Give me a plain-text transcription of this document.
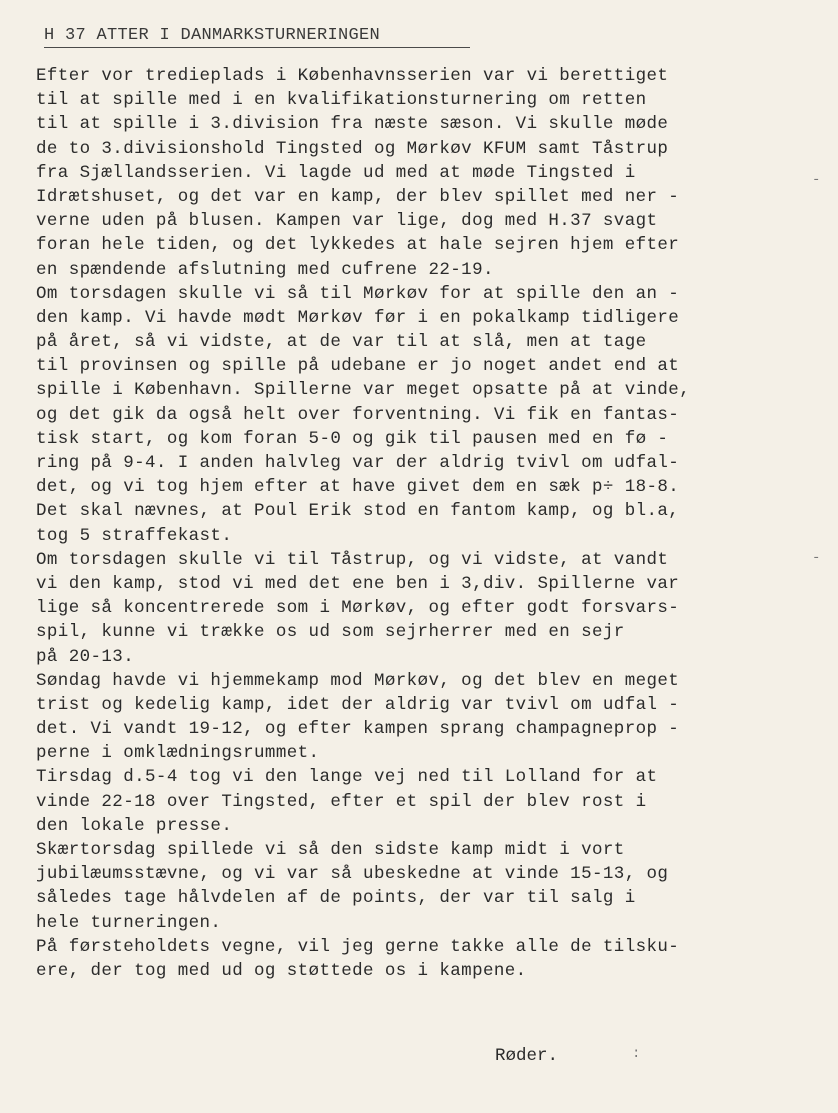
H 37 ATTER I DANMARKSTURNERINGEN
Efter vor tredieplads i Københavnsserien var vi berettiget
til at spille med i en kvalifikationsturnering om retten
til at spille i 3.division fra næste sæson. Vi skulle møde
de to 3.divisionshold Tingsted og Mørkøv KFUM samt Tåstrup
fra Sjællandsserien. Vi lagde ud med at møde Tingsted i
Idrætshuset, og det var en kamp, der blev spillet med ner -
verne uden på blusen. Kampen var lige, dog med H.37 svagt
foran hele tiden, og det lykkedes at hale sejren hjem efter
en spændende afslutning med cufrene 22-19.
Om torsdagen skulle vi så til Mørkøv for at spille den an -
den kamp. Vi havde mødt Mørkøv før i en pokalkamp tidligere
på året, så vi vidste, at de var til at slå, men at tage
til provinsen og spille på udebane er jo noget andet end at
spille i København. Spillerne var meget opsatte på at vinde,
og det gik da også helt over forventning. Vi fik en fantas-
tisk start, og kom foran 5-0 og gik til pausen med en fø -
ring på 9-4. I anden halvleg var der aldrig tvivl om udfal-
det, og vi tog hjem efter at have givet dem en sæk p÷ 18-8.
Det skal nævnes, at Poul Erik stod en fantom kamp, og bl.a,
tog 5 straffekast.
Om torsdagen skulle vi til Tåstrup, og vi vidste, at vandt
vi den kamp, stod vi med det ene ben i 3,div. Spillerne var
lige så koncentrerede som i Mørkøv, og efter godt forsvars-
spil, kunne vi trække os ud som sejrherrer med en sejr
på 20-13.
Søndag havde vi hjemmekamp mod Mørkøv, og det blev en meget
trist og kedelig kamp, idet der aldrig var tvivl om udfal -
det. Vi vandt 19-12, og efter kampen sprang champagneprop -
perne i omklædningsrummet.
Tirsdag d.5-4 tog vi den lange vej ned til Lolland for at
vinde 22-18 over Tingsted, efter et spil der blev rost i
den lokale presse.
Skærtorsdag spillede vi så den sidste kamp midt i vort
jubilæumsstævne, og vi var så ubeskedne at vinde 15-13, og
således tage hålvdelen af de points, der var til salg i
hele turneringen.
På førsteholdets vegne, vil jeg gerne takke alle de tilsku-
ere, der tog med ud og støttede os i kampene.
Røder.
-
-
:
